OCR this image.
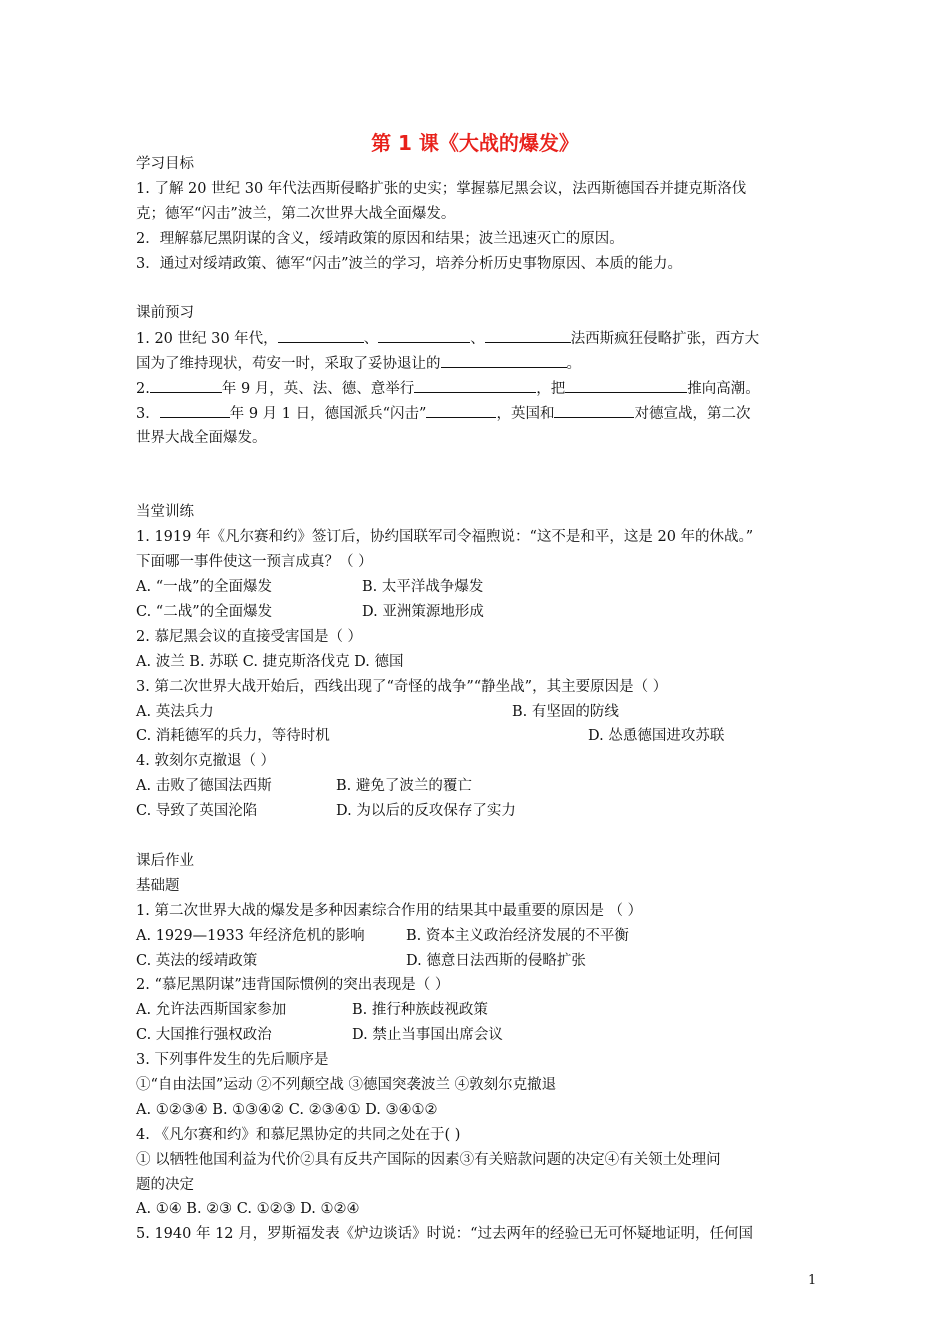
第 1 课《大战的爆发》
学习目标
1. 了解 20 世纪 30 年代法西斯侵略扩张的史实；掌握慕尼黑会议，法西斯德国吞并捷克斯洛伐
克；德军“闪击”波兰，第二次世界大战全面爆发。
2．理解慕尼黑阴谋的含义，绥靖政策的原因和结果；波兰迅速灭亡的原因。
3．通过对绥靖政策、德军“闪击”波兰的学习，培养分析历史事物原因、本质的能力。
课前预习
1. 20 世纪 30 年代，	、	、	法西斯疯狂侵略扩张，西方大
国为了维持现状，苟安一时，采取了妥协退让的	。
2.	年 9 月，英、法、德、意举行	，把	推向高潮。
3．	年 9 月 1 日，德国派兵“闪击”	，英国和	对德宣战，第二次
世界大战全面爆发。
当堂训练
1. 1919 年《凡尔赛和约》签订后，协约国联军司令福煦说：“这不是和平，这是 20 年的休战。”
下面哪一事件使这一预言成真？（ ）
A. “一战”的全面爆发	B. 太平洋战争爆发
C. “二战”的全面爆发	D. 亚洲策源地形成
2. 慕尼黑会议的直接受害国是（ ）
A. 波兰 B. 苏联 C. 捷克斯洛伐克 D. 德国
3. 第二次世界大战开始后，西线出现了“奇怪的战争”“静坐战”，其主要原因是（ ）
A. 英法兵力	B. 有坚固的防线
C. 消耗德军的兵力，等待时机	D. 怂恿德国进攻苏联
4. 敦刻尔克撤退（ ）
A. 击败了德国法西斯	B. 避免了波兰的覆亡
C. 导致了英国沦陷	D. 为以后的反攻保存了实力
课后作业
基础题
1. 第二次世界大战的爆发是多种因素综合作用的结果其中最重要的原因是 （ ）
A. 1929—1933 年经济危机的影响	B. 资本主义政治经济发展的不平衡
C. 英法的绥靖政策	D. 德意日法西斯的侵略扩张
2. “慕尼黑阴谋”违背国际惯例的突出表现是（ ）
A. 允许法西斯国家参加	B. 推行种族歧视政策
C. 大国推行强权政治	D. 禁止当事国出席会议
3. 下列事件发生的先后顺序是
①“自由法国”运动 ②不列颠空战 ③德国突袭波兰 ④敦刻尔克撤退
A. ①②③④ B. ①③④② C. ②③④① D. ③④①②
4. 《凡尔赛和约》和慕尼黑协定的共同之处在于( )
① 以牺牲他国利益为代价②具有反共产国际的因素③有关赔款问题的决定④有关领土处理问
题的决定
A. ①④ B. ②③ C. ①②③ D. ①②④
5. 1940 年 12 月，罗斯福发表《炉边谈话》时说：“过去两年的经验已无可怀疑地证明，任何国
1
